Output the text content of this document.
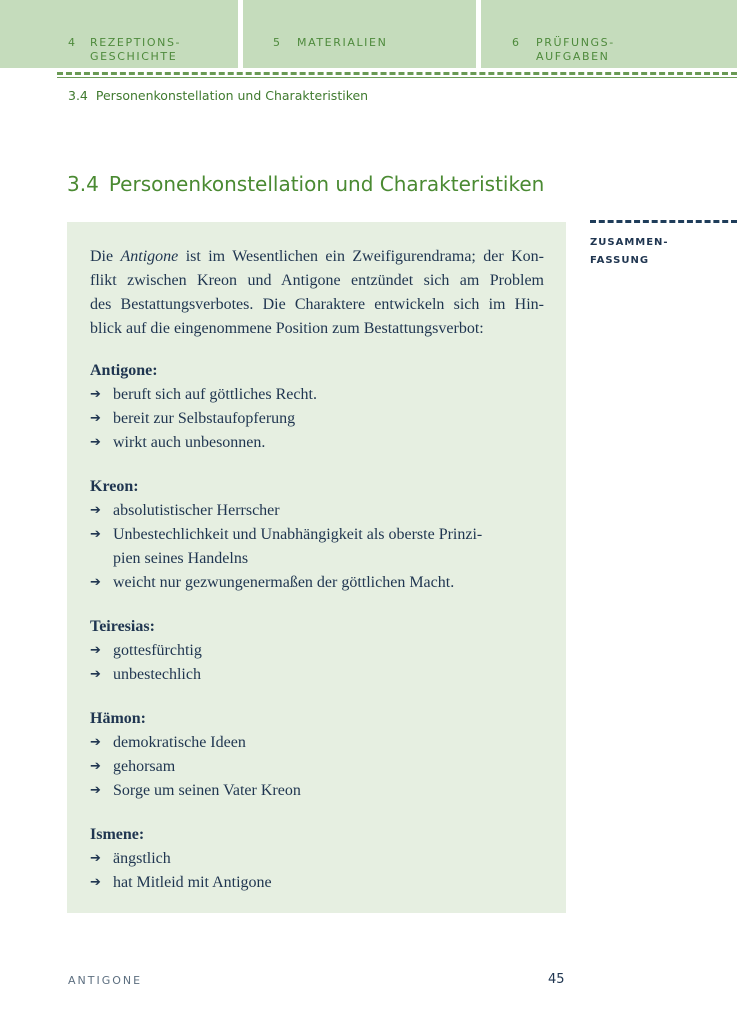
4 REZEPTIONS-
GESCHICHTE
5 MATERIALIEN	6 PRÜFUNGS-
AUFGABEN
3.4 Personenkonstellation und Charakteristiken
3.4 Personenkonstellation und Charakteristiken
ZUSAMMEN-
FASSUNG

Die Antigone ist im Wesentlichen ein Zweifigurendrama; der Kon-
flikt zwischen Kreon und Antigone entzündet sich am Problem
des Bestattungsverbotes. Die Charaktere entwickeln sich im Hin-
blick auf die eingenommene Position zum Bestattungsverbot:

Antigone:
➔ beruft sich auf göttliches Recht.
➔ bereit zur Selbstaufopferung
➔ wirkt auch unbesonnen.
Kreon:
➔ absolutistischer Herrscher
➔ Unbestechlichkeit und Unabhängigkeit als oberste Prinzi-
pien seines Handelns
➔ weicht nur gezwungenermaßen der göttlichen Macht.
Teiresias:
➔ gottesfürchtig
➔ unbestechlich
Hämon:
➔ demokratische Ideen
➔ gehorsam
➔ Sorge um seinen Vater Kreon
Ismene:
➔ ängstlich
➔ hat Mitleid mit Antigone
ANTIGONE	45
